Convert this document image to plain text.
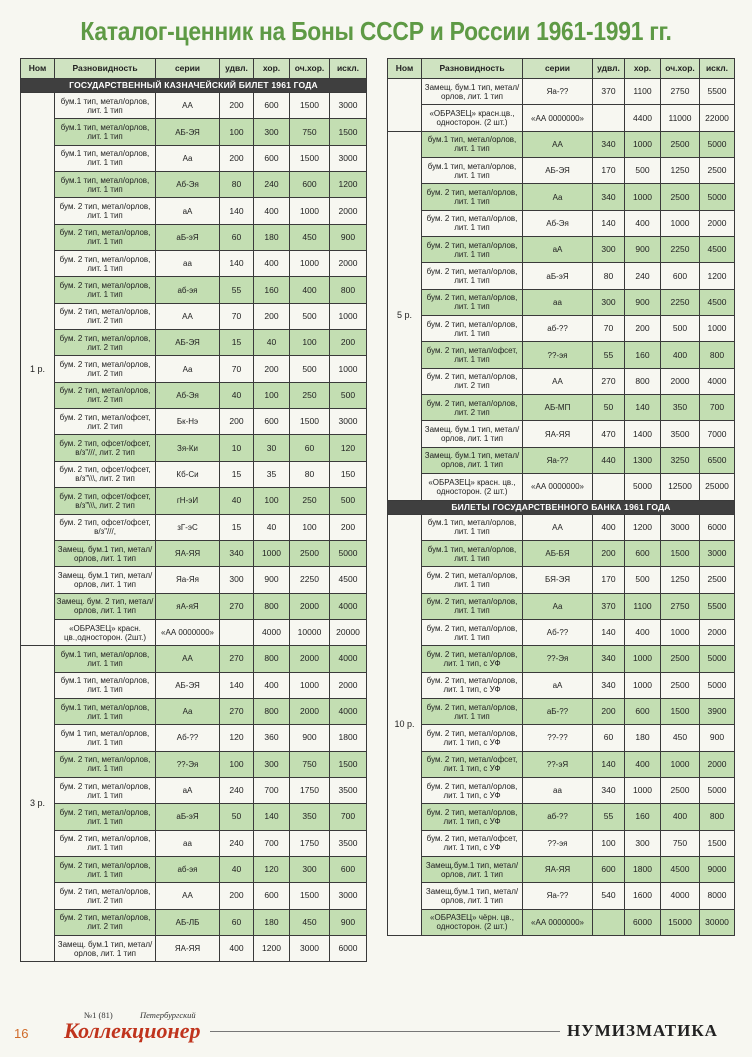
Каталог-ценник на Боны СССР и России 1961-1991 гг.
Ном	Разновидность	серии	удвл.	хор.	оч.хор.	искл.
ГОСУДАРСТВЕННЫЙ КАЗНАЧЕЙСКИЙ БИЛЕТ 1961 ГОДА						
1 р.	бум.1 тип, метал/орлов, лит. 1 тип	АА	200	600	1500	3000
	бум.1 тип, метал/орлов, лит. 1 тип	АБ-ЭЯ	100	300	750	1500
	бум.1 тип, метал/орлов, лит. 1 тип	Аа	200	600	1500	3000
	бум.1 тип, метал/орлов, лит. 1 тип	Аб-Эя	80	240	600	1200
	бум. 2 тип, метал/орлов, лит. 1 тип	аА	140	400	1000	2000
	бум. 2 тип, метал/орлов, лит. 1 тип	аБ-эЯ	60	180	450	900
	бум. 2 тип, метал/орлов, лит. 1 тип	аа	140	400	1000	2000
	бум. 2 тип, метал/орлов, лит. 1 тип	аб-эя	55	160	400	800
	бум. 2 тип, метал/орлов, лит. 2 тип	АА	70	200	500	1000
	бум. 2 тип, метал/орлов, лит. 2 тип	АБ-ЭЯ	15	40	100	200
	бум. 2 тип, метал/орлов, лит. 2 тип	Аа	70	200	500	1000
	бум. 2 тип, метал/орлов, лит. 2 тип	Аб-Эя	40	100	250	500
	бум. 2 тип, метал/офсет, лит. 2 тип	Бк-Нэ	200	600	1500	3000
	бум. 2 тип, офсет/офсет, в/з"///, лит. 2 тип	Зя-Ки	10	30	60	120
	бум. 2 тип, офсет/офсет, в/з"\\\, лит. 2 тип	Кб-Си	15	35	80	150
	бум. 2 тип, офсет/офсет, в/з"\\\, лит. 2 тип	гН-эИ	40	100	250	500
	бум. 2 тип, офсет/офсет, в/з"///,	зГ-эС	15	40	100	200
	Замещ. бум.1 тип, метал/орлов, лит. 1 тип	ЯА-ЯЯ	340	1000	2500	5000
	Замещ. бум.1 тип, метал/орлов, лит. 1 тип	Яа-Яя	300	900	2250	4500
	Замещ. бум. 2 тип, метал/орлов, лит. 1 тип	яА-яЯ	270	800	2000	4000
	«ОБРАЗЕЦ» красн. цв.,односторон. (2шт.)	«АА 0000000»		4000	10000	20000
3 р.	бум.1 тип, метал/орлов, лит. 1 тип	АА	270	800	2000	4000
	бум.1 тип, метал/орлов, лит. 1 тип	АБ-ЭЯ	140	400	1000	2000
	бум.1 тип, метал/орлов, лит. 1 тип	Аа	270	800	2000	4000
	бум 1 тип, метал/орлов, лит. 1 тип	Аб-??	120	360	900	1800
	бум. 2 тип, метал/орлов, лит. 1 тип	??-Эя	100	300	750	1500
	бум. 2 тип, метал/орлов, лит. 1 тип	аА	240	700	1750	3500
	бум. 2 тип, метал/орлов, лит. 1 тип	аБ-эЯ	50	140	350	700
	бум. 2 тип, метал/орлов, лит. 1 тип	аа	240	700	1750	3500
	бум. 2 тип, метал/орлов, лит. 1 тип	аб-эя	40	120	300	600
	бум. 2 тип, метал/орлов, лит. 2 тип	АА	200	600	1500	3000
	бум. 2 тип, метал/орлов, лит. 2 тип	АБ-ЛБ	60	180	450	900
	Замещ. бум.1 тип, метал/орлов, лит. 1 тип	ЯА-ЯЯ	400	1200	3000	6000
Ном	Разновидность	серии	удвл.	хор.	оч.хор.	искл.
	Замещ. бум.1 тип, метал/орлов, лит. 1 тип	Яа-??	370	1100	2750	5500
	«ОБРАЗЕЦ» красн.цв., односторон. (2 шт.)	«АА 0000000»		4400	11000	22000
5 р.	бум.1 тип, метал/орлов, лит. 1 тип	АА	340	1000	2500	5000
	бум.1 тип, метал/орлов, лит. 1 тип	АБ-ЭЯ	170	500	1250	2500
	бум. 2 тип, метал/орлов, лит. 1 тип	Аа	340	1000	2500	5000
	бум. 2 тип, метал/орлов, лит. 1 тип	Аб-Эя	140	400	1000	2000
	бум. 2 тип, метал/орлов, лит. 1 тип	аА	300	900	2250	4500
	бум. 2 тип, метал/орлов, лит. 1 тип	аБ-эЯ	80	240	600	1200
	бум. 2 тип, метал/орлов, лит. 1 тип	аа	300	900	2250	4500
	бум. 2 тип, метал/орлов, лит. 1 тип	аб-??	70	200	500	1000
	бум. 2 тип, метал/офсет, лит. 1 тип	??-эя	55	160	400	800
	бум. 2 тип, метал/орлов, лит. 2 тип	АА	270	800	2000	4000
	бум. 2 тип, метал/орлов, лит. 2 тип	АБ-МП	50	140	350	700
	Замещ. бум.1 тип, метал/орлов, лит. 1 тип	ЯА-ЯЯ	470	1400	3500	7000
	Замещ. бум.1 тип, метал/орлов, лит. 1 тип	Яа-??	440	1300	3250	6500
	«ОБРАЗЕЦ» красн. цв., односторон. (2 шт.)	«АА 0000000»		5000	12500	25000
БИЛЕТЫ ГОСУДАРСТВЕННОГО БАНКА 1961 ГОДА						
10 р.	бум.1 тип, метал/орлов, лит. 1 тип	АА	400	1200	3000	6000
	бум.1 тип, метал/орлов, лит. 1 тип	АБ-БЯ	200	600	1500	3000
	бум. 2 тип, метал/орлов, лит. 1 тип	БЯ-ЭЯ	170	500	1250	2500
	бум. 2 тип, метал/орлов, лит. 1 тип	Аа	370	1100	2750	5500
	бум. 2 тип, метал/орлов, лит. 1 тип	Аб-??	140	400	1000	2000
	бум. 2 тип, метал/орлов, лит. 1 тип, с УФ	??-Эя	340	1000	2500	5000
	бум. 2 тип, метал/орлов, лит. 1 тип, с УФ	аА	340	1000	2500	5000
	бум. 2 тип, метал/орлов, лит. 1 тип	аБ-??	200	600	1500	3900
	бум. 2 тип, метал/орлов, лит. 1 тип, с УФ	??-??	60	180	450	900
	бум. 2 тип, метал/офсет, лит. 1 тип, с УФ	??-эЯ	140	400	1000	2000
	бум. 2 тип, метал/орлов, лит. 1 тип, с УФ	аа	340	1000	2500	5000
	бум. 2 тип, метал/орлов, лит. 1 тип, с УФ	аб-??	55	160	400	800
	бум. 2 тип, метал/офсет, лит. 1 тип, с УФ	??-эя	100	300	750	1500
	Замещ.бум.1 тип, метал/орлов, лит. 1 тип	ЯА-ЯЯ	600	1800	4500	9000
	Замещ.бум.1 тип, метал/орлов, лит. 1 тип	Яа-??	540	1600	4000	8000
	«ОБРАЗЕЦ» чёрн. цв., односторон. (2 шт.)	«АА 0000000»		6000	15000	30000
16
№1 (81)	Петербургский
Коллекционер	НУМИЗМАТИКА
